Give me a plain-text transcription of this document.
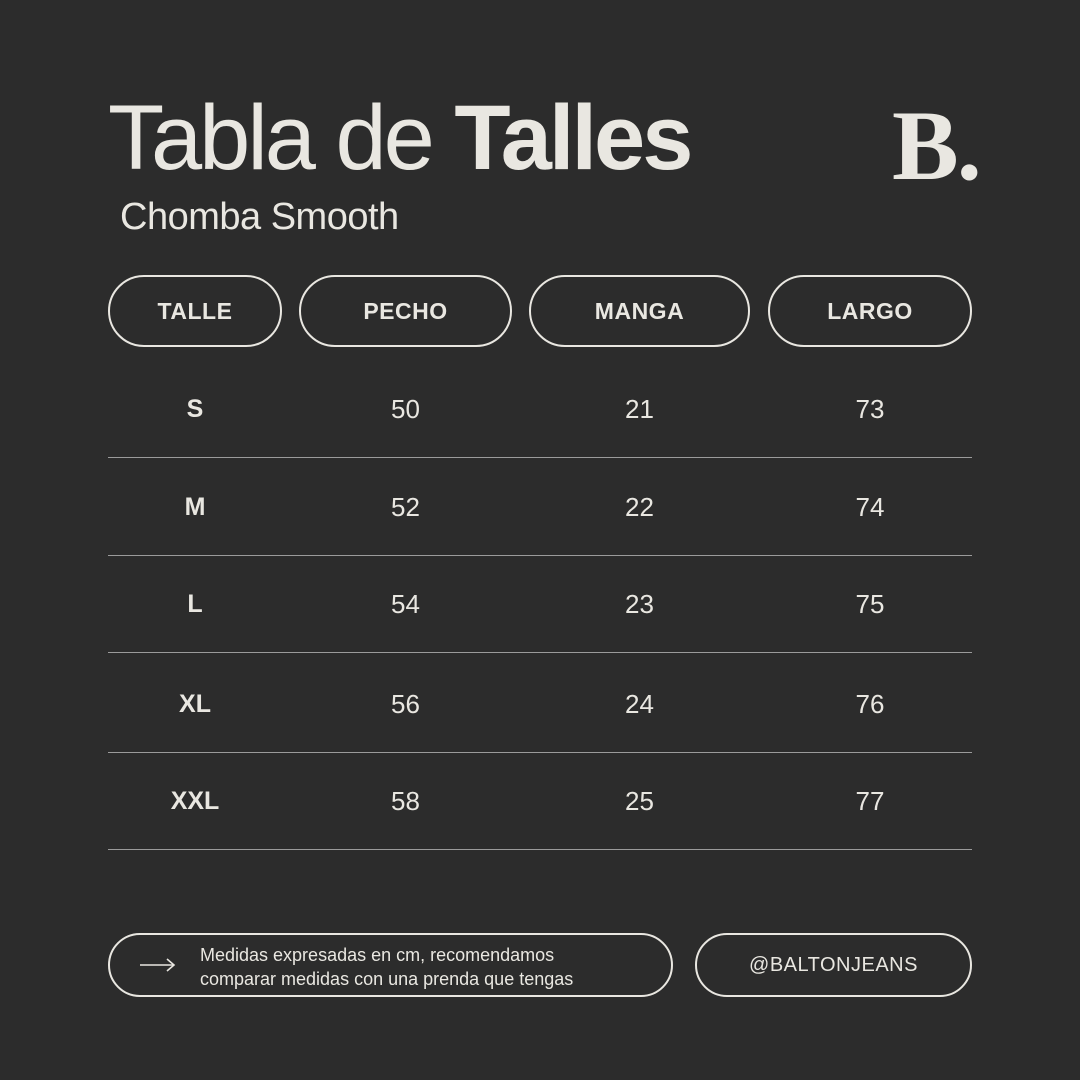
Tabla de Talles
Chomba Smooth
B.
TALLE	PECHO	MANGA	LARGO
S	50	21	73
M	52	22	74
L	54	23	75
XL	56	24	76
XXL	58	25	77
Medidas expresadas en cm, recomendamos
comparar medidas con una prenda que tengas
@BALTONJEANS
